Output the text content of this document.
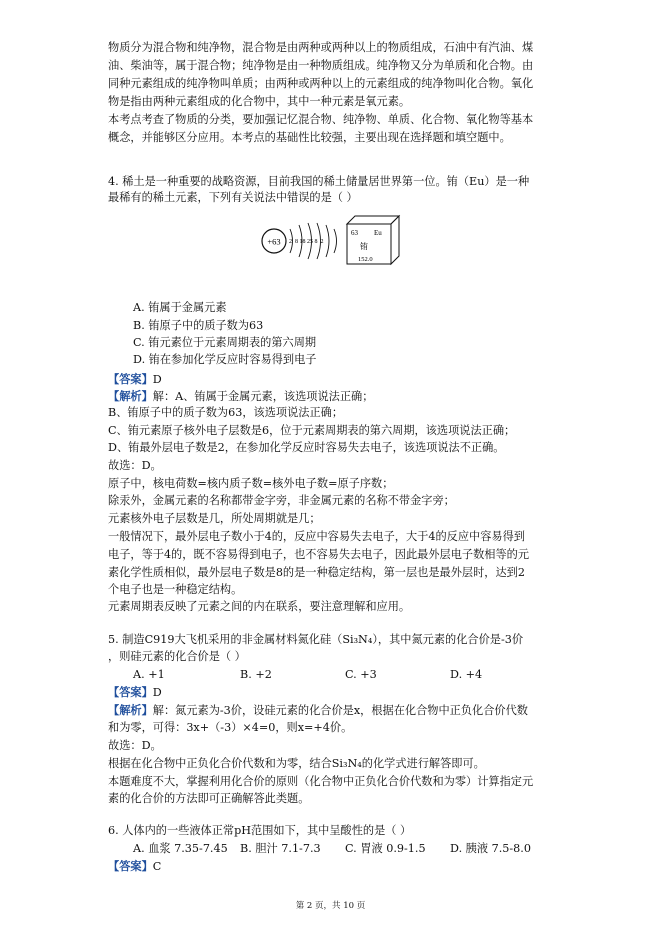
物质分为混合物和纯净物，混合物是由两种或两种以上的物质组成，石油中有汽油、煤
油、柴油等，属于混合物；纯净物是由一种物质组成。纯净物又分为单质和化合物。由
同种元素组成的纯净物叫单质；由两种或两种以上的元素组成的纯净物叫化合物。氧化
物是指由两种元素组成的化合物中，其中一种元素是氧元素。
本考点考查了物质的分类，要加强记忆混合物、纯净物、单质、化合物、氧化物等基本
概念，并能够区分应用。本考点的基础性比较强，主要出现在选择题和填空题中。
4. 稀土是一种重要的战略资源，目前我国的稀土储量居世界第一位。铕（Eu）是一种
最稀有的稀土元素，下列有关说法中错误的是（ ）
+63 2  8 18 25 8  2
63 Eu
铕
152.0
A. 铕属于金属元素
B. 铕原子中的质子数为63
C. 铕元素位于元素周期表的第六周期
D. 铕在参加化学反应时容易得到电子
【答案】D
【解析】解：A、铕属于金属元素，该选项说法正确；
B、铕原子中的质子数为63，该选项说法正确；
C、铕元素原子核外电子层数是6，位于元素周期表的第六周期，该选项说法正确；
D、铕最外层电子数是2，在参加化学反应时容易失去电子，该选项说法不正确。
故选：D。
原子中，核电荷数=核内质子数=核外电子数=原子序数；
除汞外，金属元素的名称都带金字旁，非金属元素的名称不带金字旁；
元素核外电子层数是几，所处周期就是几；
一般情况下，最外层电子数小于4的，反应中容易失去电子，大于4的反应中容易得到
电子，等于4的，既不容易得到电子，也不容易失去电子，因此最外层电子数相等的元
素化学性质相似，最外层电子数是8的是一种稳定结构，第一层也是最外层时，达到2
个电子也是一种稳定结构。
元素周期表反映了元素之间的内在联系，要注意理解和应用。
5. 制造C919大飞机采用的非金属材料氮化硅（Si₃N₄），其中氮元素的化合价是-3价
，则硅元素的化合价是（ ）
A. +1	B. +2	C. +3	D. +4
【答案】D
【解析】解：氮元素为-3价，设硅元素的化合价是x，根据在化合物中正负化合价代数
和为零，可得：3x+（-3）×4=0，则x=+4价。
故选：D。
根据在化合物中正负化合价代数和为零，结合Si₃N₄的化学式进行解答即可。
本题难度不大，掌握利用化合价的原则（化合物中正负化合价代数和为零）计算指定元
素的化合价的方法即可正确解答此类题。
6. 人体内的一些液体正常pH范围如下，其中呈酸性的是（ ）
A. 血浆 7.35-7.45 B. 胆汁 7.1-7.3 C. 胃液 0.9-1.5 D. 胰液 7.5-8.0
【答案】C
第 2 页，共 10 页
